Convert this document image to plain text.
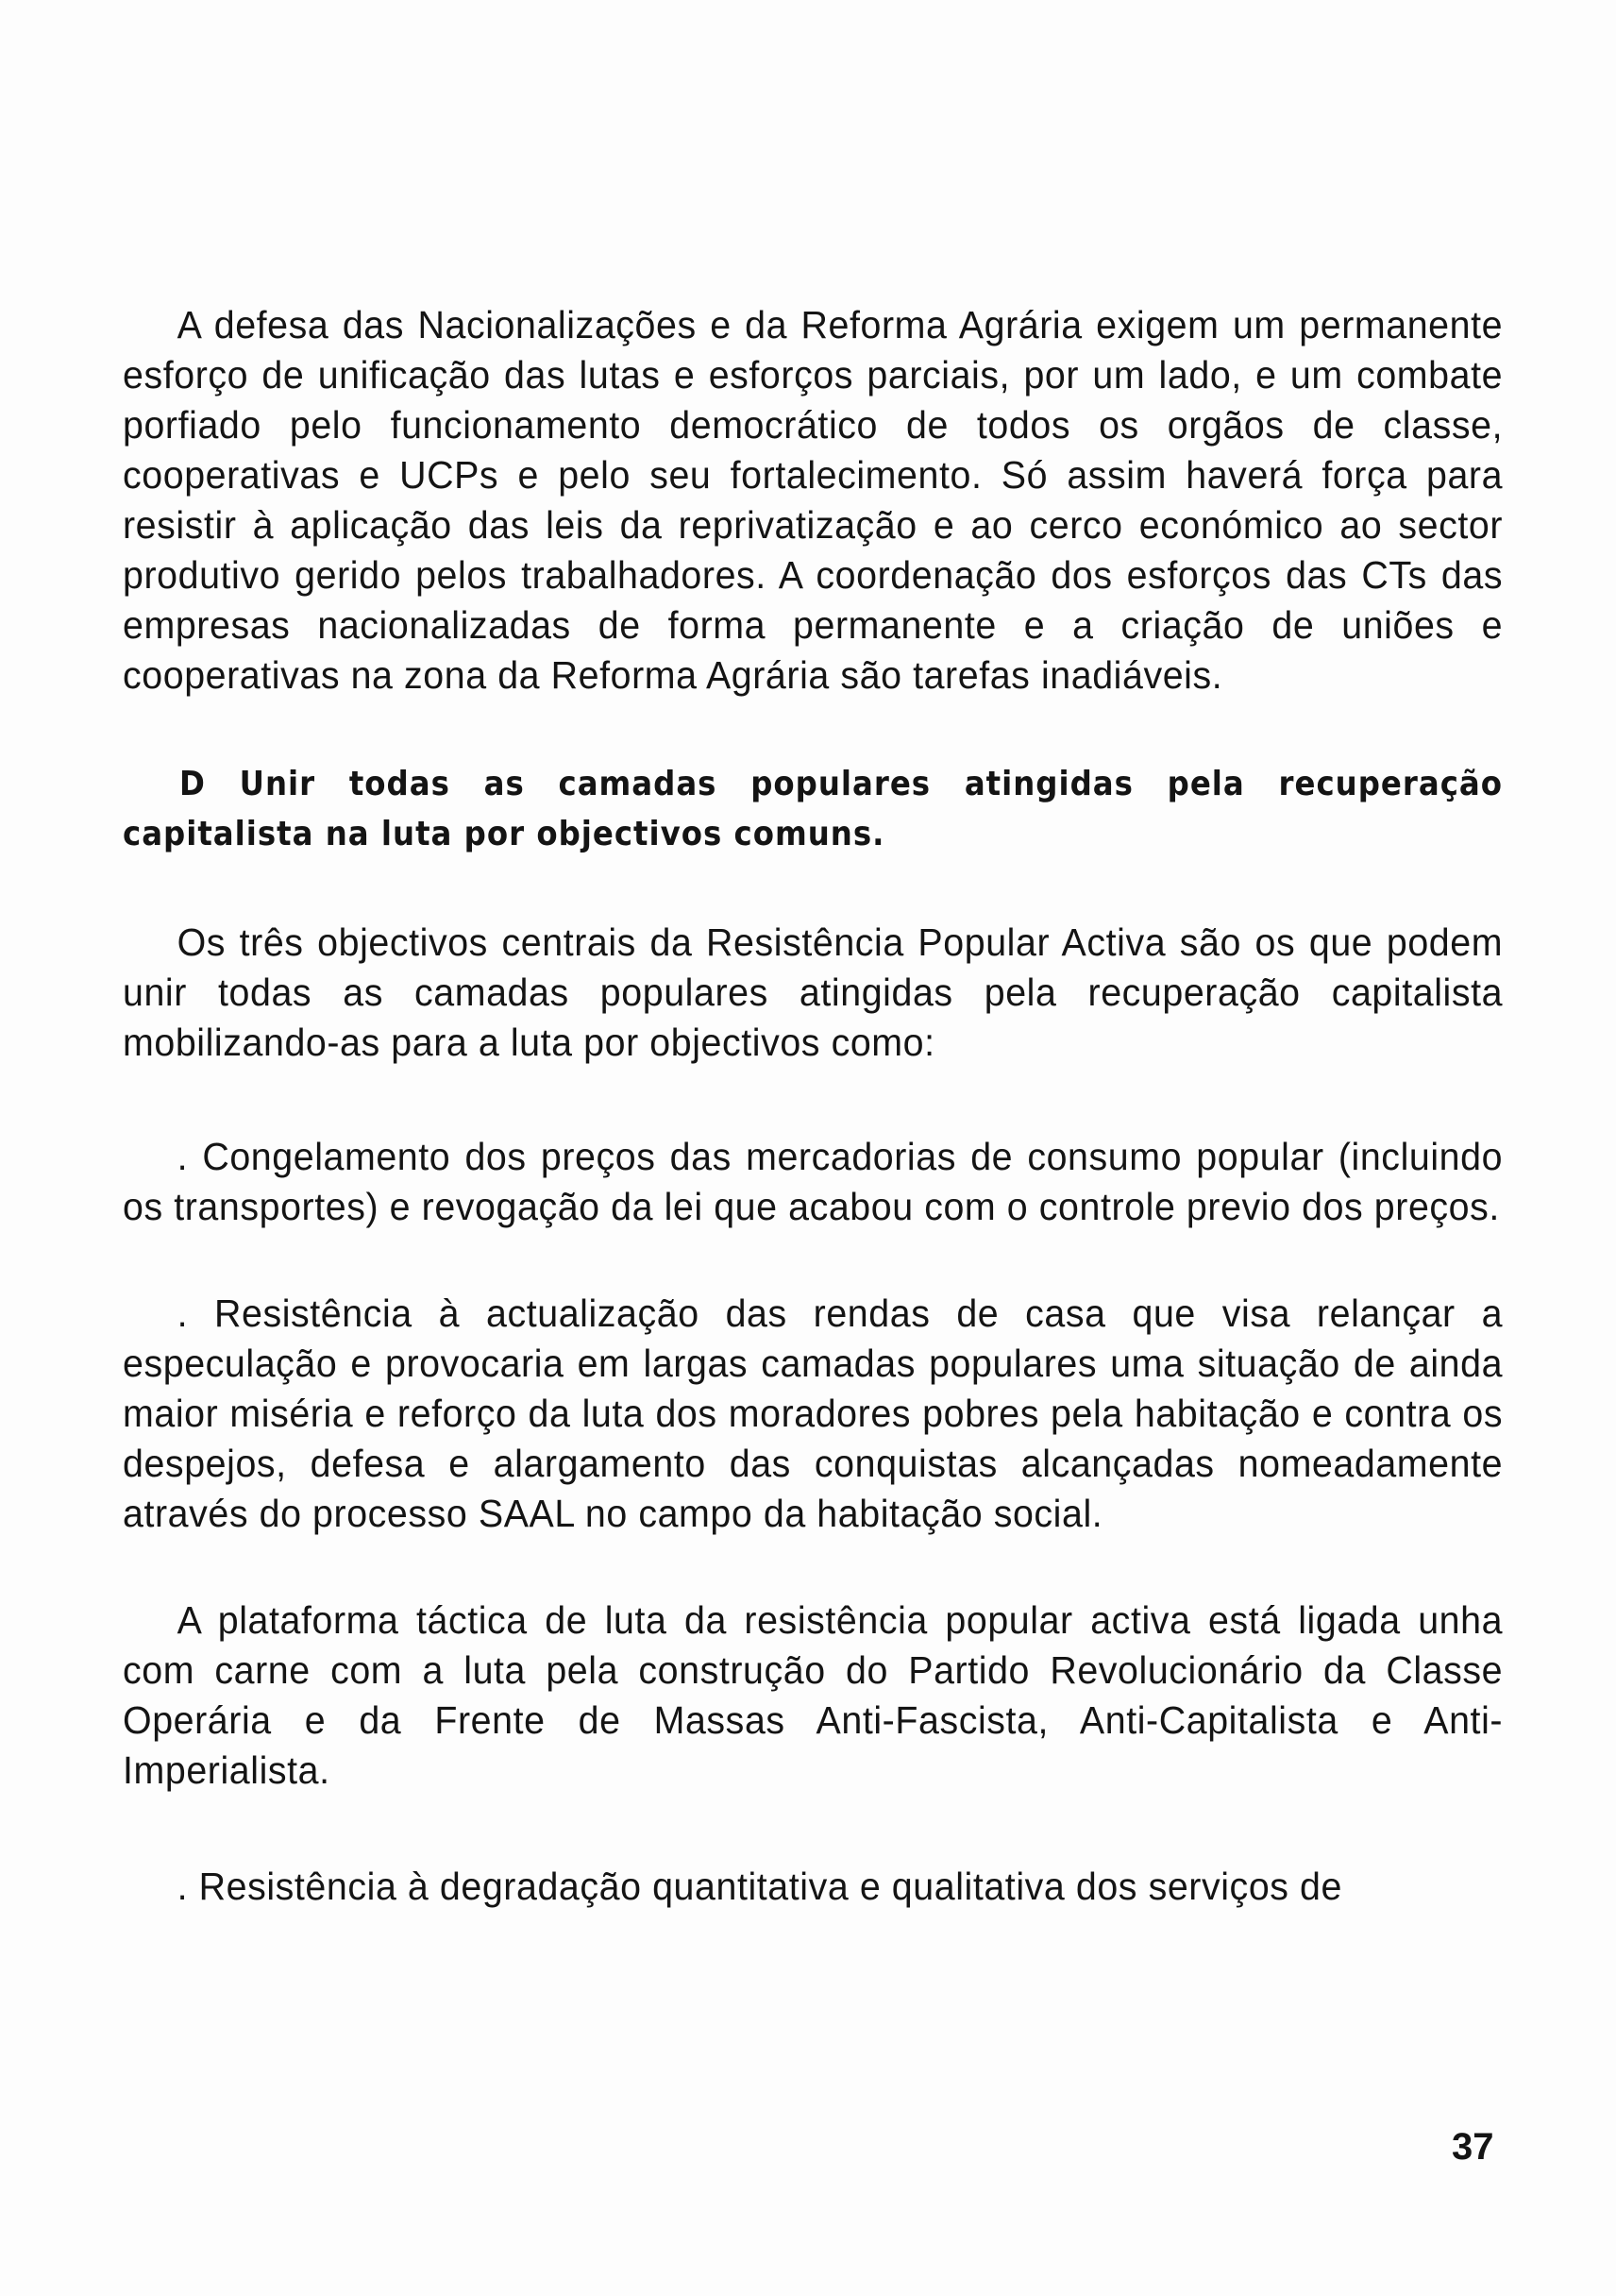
A defesa das Nacionalizações e da Reforma Agrária exigem um permanente esforço de unificação das lutas e esforços parciais, por um lado, e um combate porfiado pelo funcionamento democrático de todos os orgãos de classe, cooperativas e UCPs e pelo seu fortalecimento. Só assim haverá força para resistir à aplicação das leis da reprivatização e ao cerco económico ao sector produtivo gerido pelos trabalhadores. A coordenação dos esforços das CTs das empresas nacionalizadas de forma permanente e a criação de uniões e cooperativas na zona da Reforma Agrária são tarefas inadiáveis.

D Unir todas as camadas populares atingidas pela recuperação capitalista na luta por objectivos comuns.

Os três objectivos centrais da Resistência Popular Activa são os que podem unir todas as camadas populares atingidas pela recuperação capitalista mobilizando-as para a luta por objectivos como:

. Congelamento dos preços das mercadorias de consumo popular (incluindo os transportes) e revogação da lei que acabou com o controle previo dos preços.

. Resistência à actualização das rendas de casa que visa relançar a especulação e provocaria em largas camadas populares uma situação de ainda maior miséria e reforço da luta dos moradores pobres pela habitação e contra os despejos, defesa e alargamento das conquistas alcançadas nomeadamente através do processo SAAL no campo da habitação social.

A plataforma táctica de luta da resistência popular activa está ligada unha com carne com a luta pela construção do Partido Revolucionário da Classe Operária e da Frente de Massas Anti-Fascista, Anti-Capitalista e Anti-Imperialista.

. Resistência à degradação quantitativa e qualitativa dos serviços de

37
